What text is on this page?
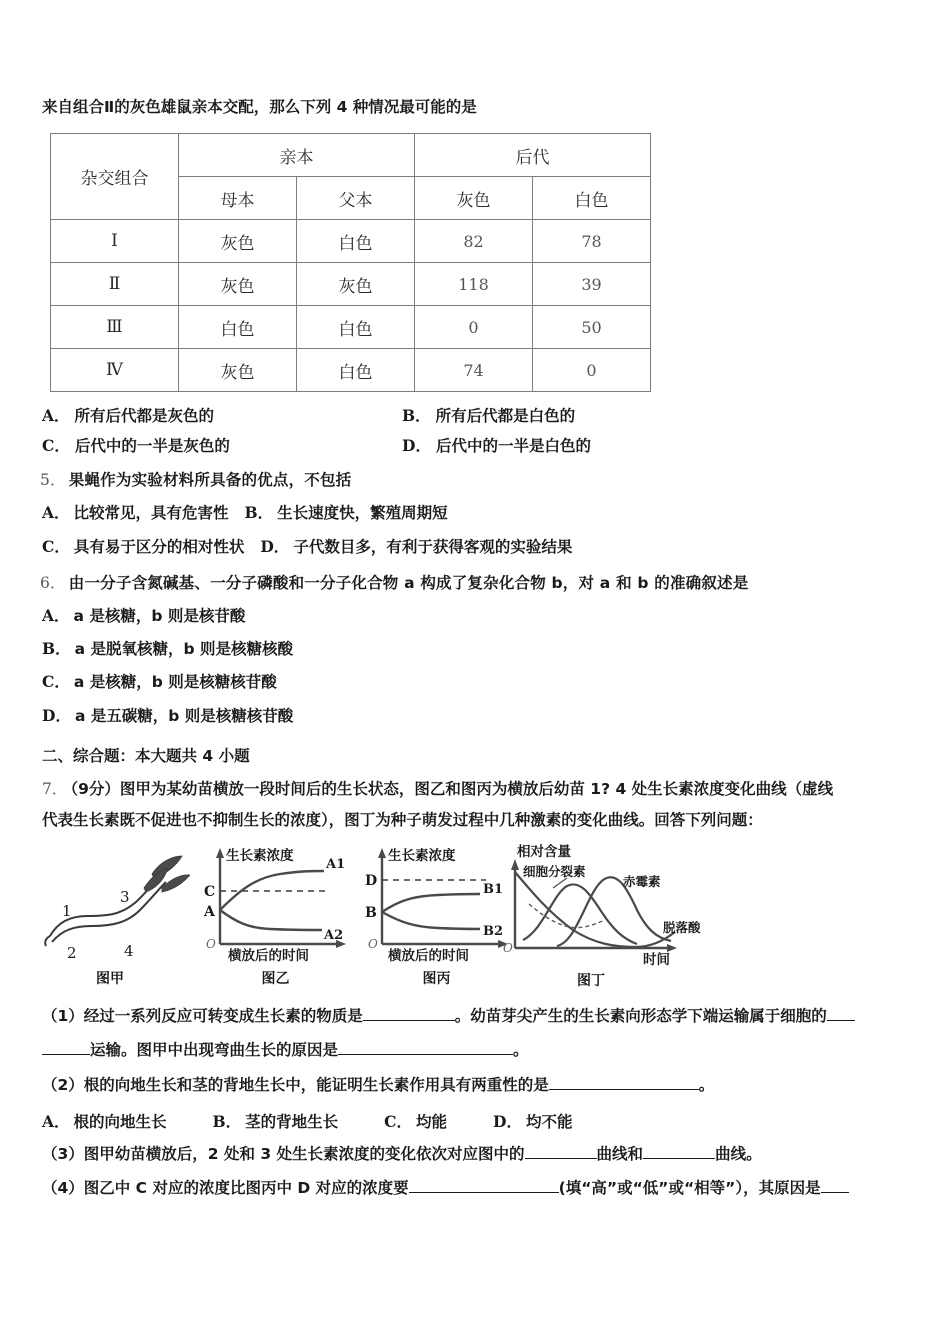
来自组合Ⅱ的灰色雄鼠亲本交配，那么下列 4 种情况最可能的是

杂交组合	亲本		后代	
	母本	父本	灰色	白色
Ⅰ	灰色	白色	82	78
Ⅱ	灰色	灰色	118	39
Ⅲ	白色	白色	0	50
Ⅳ	灰色	白色	74	0
A． 所有后代都是灰色的	B． 所有后代都是白色的
C． 后代中的一半是灰色的	D． 后代中的一半是白色的

5． 果蝇作为实验材料所具备的优点，不包括

A． 比较常见，具有危害性 B． 生长速度快，繁殖周期短

C． 具有易于区分的相对性状 D． 子代数目多，有利于获得客观的实验结果

6． 由一分子含氮碱基、一分子磷酸和一分子化合物 a 构成了复杂化合物 b，对 a 和 b 的准确叙述是

A． a 是核糖，b 则是核苷酸

B． a 是脱氧核糖，b 则是核糖核酸

C． a 是核糖，b 则是核糖核苷酸

D． a 是五碳糖，b 则是核糖核苷酸

二、综合题：本大题共 4 小题

7． （9分）图甲为某幼苗横放一段时间后的生长状态，图乙和图丙为横放后幼苗 1? 4 处生长素浓度变化曲线（虚线

代表生长素既不促进也不抑制生长的浓度），图丁为种子萌发过程中几种激素的变化曲线。回答下列问题：

1
2
3
4
图甲
生长素浓度
C
A
A1
A2
O
横放后的时间
图乙
生长素浓度
D
B
B1
B2
O
横放后的时间
图丙
相对含量
细胞分裂素
赤霉素
脱落酸
O
时间
图丁

（1）经过一系列反应可转变成生长素的物质是	。幼苗芽尖产生的生长素向形态学下端运输属于细胞的

运输。图甲中出现弯曲生长的原因是	。

（2）根的向地生长和茎的背地生长中，能证明生长素作用具有两重性的是	。

A． 根的向地生长	B． 茎的背地生长	C． 均能	D． 均不能

（3）图甲幼苗横放后，2 处和 3 处生长素浓度的变化依次对应图中的	曲线和	曲线。

（4）图乙中 C 对应的浓度比图丙中 D 对应的浓度要	(填“高”或“低”或“相等”），其原因是
